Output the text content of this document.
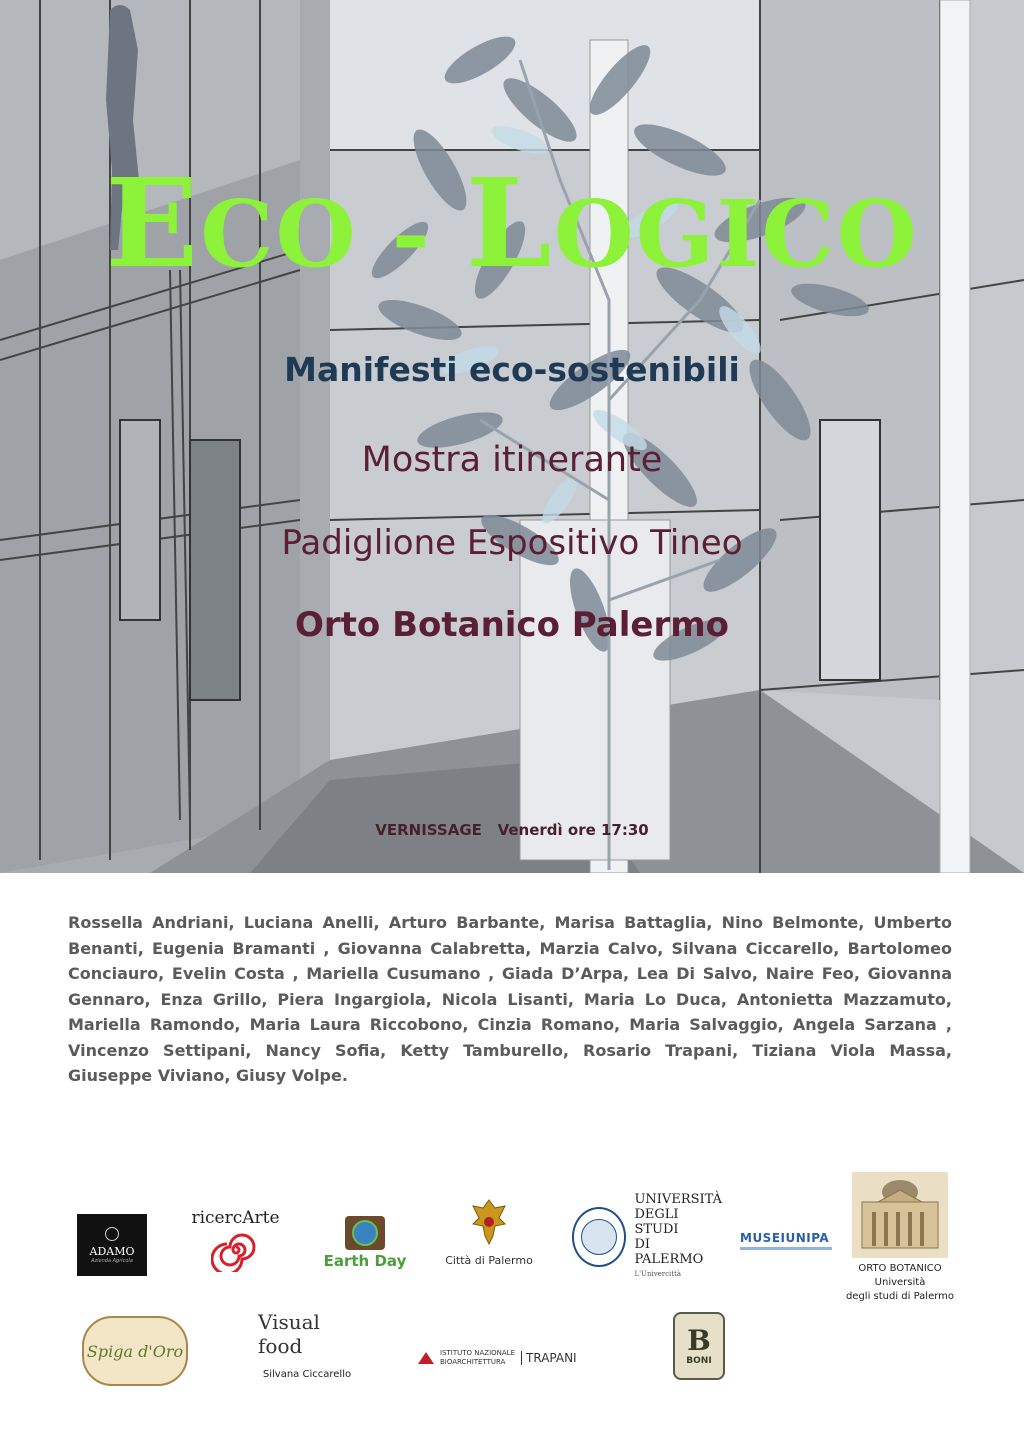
ECO - LOGICO
Manifesti eco-sostenibili
Mostra itinerante
Padiglione Espositivo Tineo
Orto Botanico Palermo
VERNISSAGE   Venerdì ore 17:30
Rossella Andriani, Luciana Anelli, Arturo Barbante, Marisa Battaglia, Nino Belmonte, Umberto Benanti, Eugenia Bramanti , Giovanna Calabretta, Marzia Calvo, Silvana Ciccarello, Bartolomeo Conciauro, Evelin Costa , Mariella Cusumano , Giada D’Arpa, Lea Di Salvo, Naire Feo, Giovanna Gennaro, Enza Grillo, Piera Ingargiola, Nicola Lisanti, Maria Lo Duca, Antonietta Mazzamuto, Mariella Ramondo, Maria Laura Riccobono, Cinzia Romano, Maria Salvaggio, Angela Sarzana , Vincenzo Settipani, Nancy Sofia, Ketty Tamburello, Rosario Trapani, Tiziana Viola Massa, Giuseppe Viviano, Giusy Volpe.
ADAMO
Azienda Agricola
ricercArte
Earth Day	Città di Palermo
UNIVERSITÀ
DEGLI STUDI
DI PALERMO
L'Univercittà
MUSEIUNIPA
ORTO BOTANICO
Università
degli studi di Palermo
Spiga d'Oro
Visual food
Silvana Ciccarello
ISTITUTO NAZIONALE
BIOARCHITETTURA	TRAPANI
B
BONI
